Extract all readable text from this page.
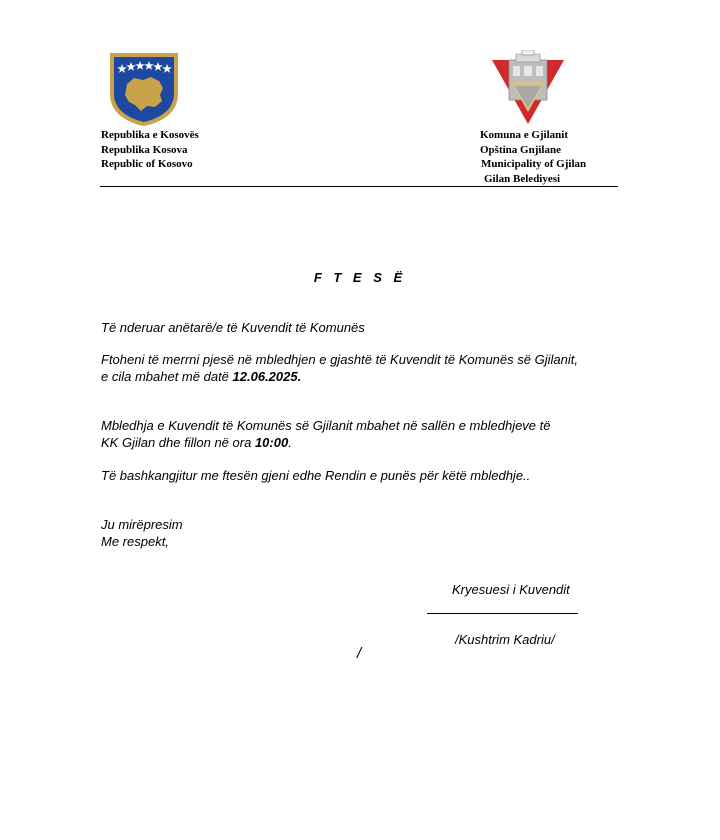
Republika e Kosovës
Republika Kosova
Republic of Kosovo
Komuna e Gjilanit
Opština Gnjilane
Municipality of Gjilan
Gilan Belediyesi
F T E S Ë
Të nderuar anëtarë/e të Kuvendit të Komunës
Ftoheni të merrni pjesë në mbledhjen e gjashtë të Kuvendit të Komunës së Gjilanit, e cila mbahet më datë 12.06.2025.
Mbledhja e Kuvendit të Komunës së Gjilanit mbahet në sallën e mbledhjeve të
KK Gjilan dhe fillon në ora 10:00.
Të bashkangjitur me ftesën gjeni edhe Rendin e punës për këtë mbledhje..
Ju mirëpresim
Me respekt,
Kryesuesi i Kuvendit
/Kushtrim Kadriu/
/
